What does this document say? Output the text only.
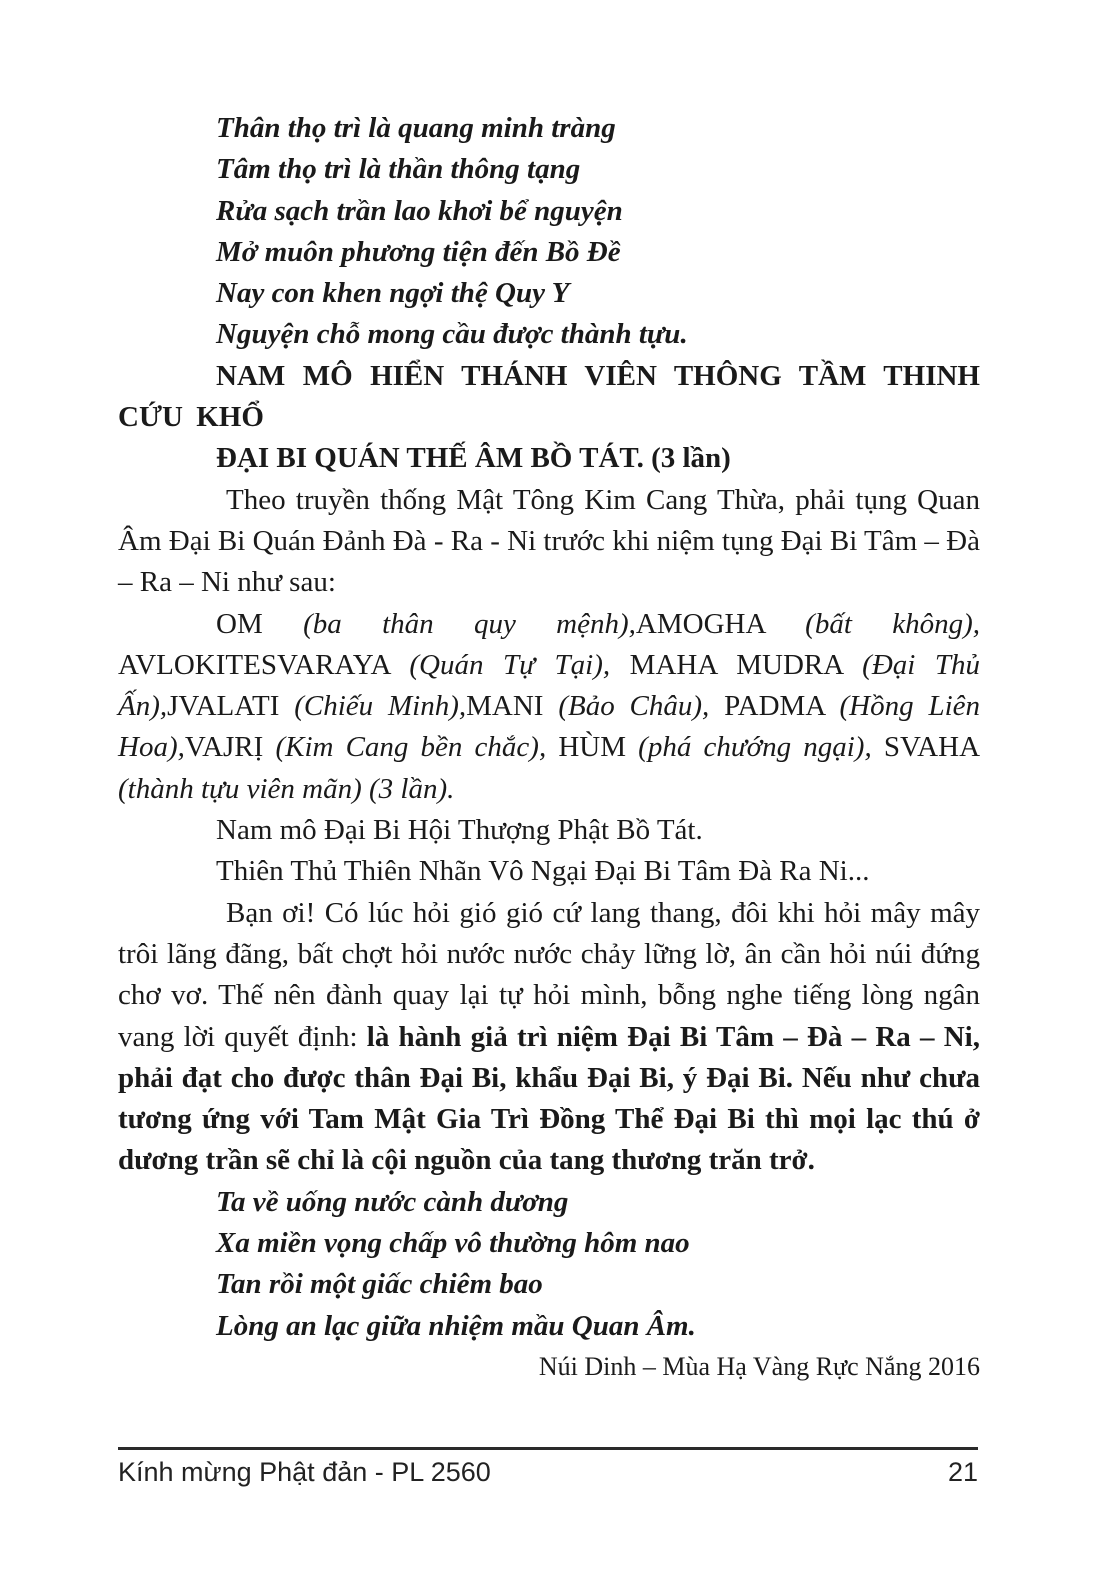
Thân thọ trì là quang minh tràng
Tâm thọ trì là thần thông tạng
Rửa sạch trần lao khơi bể nguyện
Mở muôn phương tiện đến Bồ Đề
Nay con khen ngợi thệ Quy Y
Nguyện chỗ mong cầu được thành tựu.
NAM MÔ HIỂN THÁNH VIÊN THÔNG TẦM THINH CỨU KHỔ
ĐẠI BI QUÁN THẾ ÂM BỒ TÁT. (3 lần)

Theo truyền thống Mật Tông Kim Cang Thừa, phải tụng Quan Âm Đại Bi Quán Đảnh Đà - Ra - Ni trước khi niệm tụng Đại Bi Tâm – Đà – Ra – Ni như sau:

OM (ba thân quy mệnh),AMOGHA (bất không), AVLOKITESVARAYA (Quán Tự Tại), MAHA MUDRA (Đại Thủ Ấn),JVALATI (Chiếu Minh),MANI (Bảo Châu), PADMA (Hồng Liên Hoa),VAJRỊ (Kim Cang bền chắc), HÙM (phá chướng ngại), SVAHA (thành tựu viên mãn) (3 lần).

Nam mô Đại Bi Hội Thượng Phật Bồ Tát.

Thiên Thủ Thiên Nhãn Vô Ngại Đại Bi Tâm Đà Ra Ni...

Bạn ơi! Có lúc hỏi gió gió cứ lang thang, đôi khi hỏi mây mây trôi lãng đãng, bất chợt hỏi nước nước chảy lững lờ, ân cần hỏi núi đứng chơ vơ. Thế nên đành quay lại tự hỏi mình, bỗng nghe tiếng lòng ngân vang lời quyết định: là hành giả trì niệm Đại Bi Tâm – Đà – Ra – Ni, phải đạt cho được thân Đại Bi, khẩu Đại Bi, ý Đại Bi. Nếu như chưa tương ứng với Tam Mật Gia Trì Đồng Thể Đại Bi thì mọi lạc thú ở dương trần sẽ chỉ là cội nguồn của tang thương trăn trở.

Ta về uống nước cành dương
Xa miền vọng chấp vô thường hôm nao
Tan rồi một giấc chiêm bao
Lòng an lạc giữa nhiệm mầu Quan Âm.
Núi Dinh – Mùa Hạ Vàng Rực Nắng 2016
Kính mừng Phật đản - PL 2560	21
